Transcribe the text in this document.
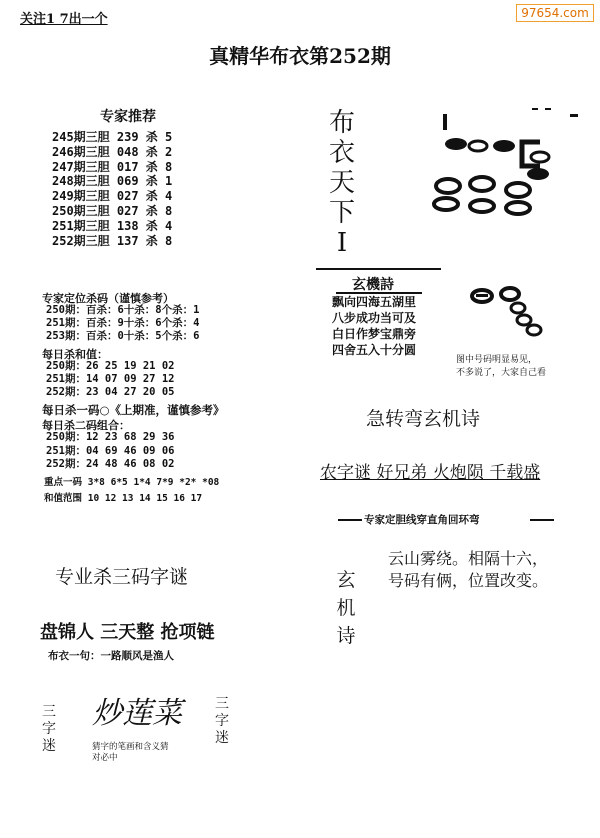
97654.com
关注1 7出一个
真精华布衣第252期
专家推荐
245期三胆 239 杀 5
246期三胆 048 杀 2
247期三胆 017 杀 8
248期三胆 069 杀 1
249期三胆 027 杀 4
250期三胆 027 杀 8
251期三胆 138 杀 4
252期三胆 137 杀 8
专家定位杀码（谨慎参考）
250期：百杀：6十杀：8个杀：1
251期：百杀：9十杀：6个杀：4
253期：百杀：0十杀：5个杀：6
每日杀和值：
250期：26 25 19 21 02
251期：14 07 09 27 12
252期：23 04 27 20 05
每日杀一码○《上期准，谨慎参考》
每日杀二码组合：
250期：12 23 68 29 36
251期：04 69 46 09 06
252期：24 48 46 08 02
重点一码 3*8 6*5 1*4 7*9 *2* *08
和值范围 10 12 13 14 15 16 17
专业杀三码字谜
盘锦人 三天整 抢项链
布衣一句：一路顺风是渔人
三
字
迷
炒莲菜
猜字的笔画和含义猜
对必中
三
字
迷
布
衣
天
下
I
玄機詩
飘向四海五湖里
八步成功当可及
白日作梦宝鼎旁
四舍五入十分圆
图中号码明显易见，
不多说了，大家自己看
急转弯玄机诗
农字谜 好兄弟 火炮陨 千载盛
专家定胆线穿直角回环弯
玄
机
诗
云山雾绕。相隔十六，
号码有俩，位置改变。
